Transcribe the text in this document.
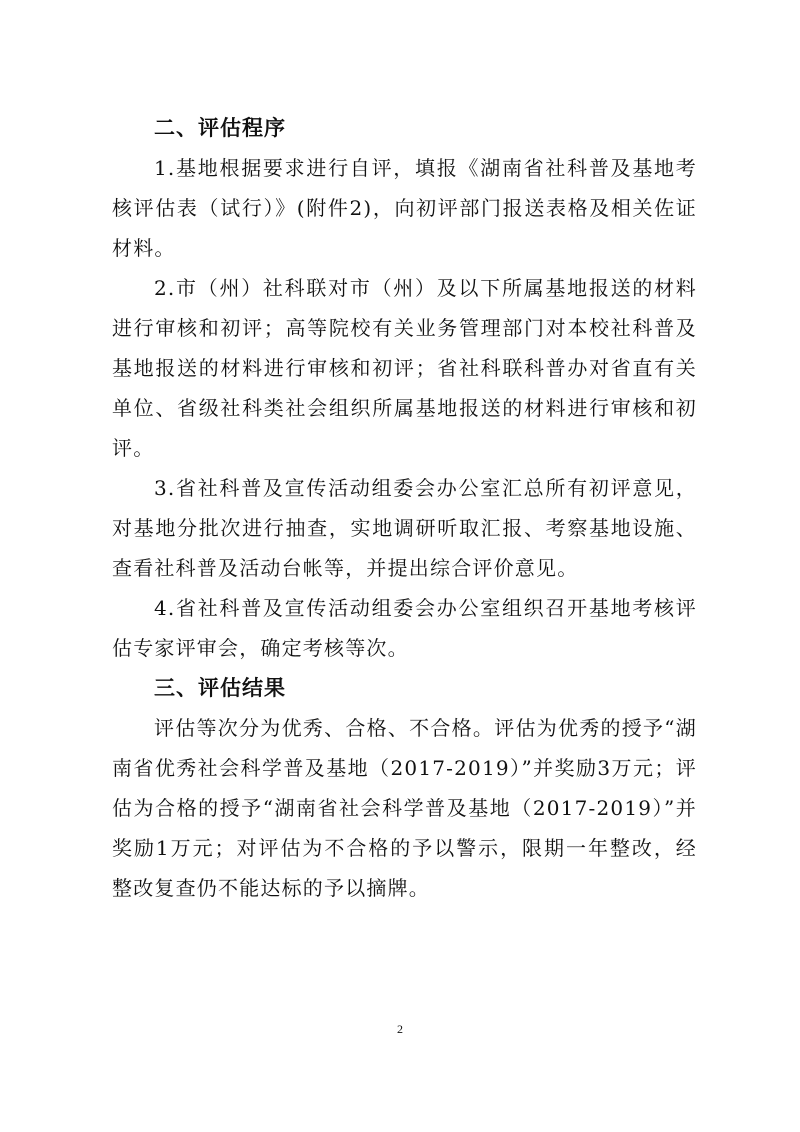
二、评估程序

1.基地根据要求进行自评，填报《湖南省社科普及基地考核评估表（试行）》(附件2)，向初评部门报送表格及相关佐证材料。

2.市（州）社科联对市（州）及以下所属基地报送的材料进行审核和初评；高等院校有关业务管理部门对本校社科普及基地报送的材料进行审核和初评；省社科联科普办对省直有关单位、省级社科类社会组织所属基地报送的材料进行审核和初评。

3.省社科普及宣传活动组委会办公室汇总所有初评意见，对基地分批次进行抽查，实地调研听取汇报、考察基地设施、查看社科普及活动台帐等，并提出综合评价意见。

4.省社科普及宣传活动组委会办公室组织召开基地考核评估专家评审会，确定考核等次。

三、评估结果

评估等次分为优秀、合格、不合格。评估为优秀的授予“湖南省优秀社会科学普及基地（2017-2019）”并奖励3万元；评估为合格的授予“湖南省社会科学普及基地（2017-2019）”并奖励1万元；对评估为不合格的予以警示，限期一年整改，经整改复查仍不能达标的予以摘牌。

2
